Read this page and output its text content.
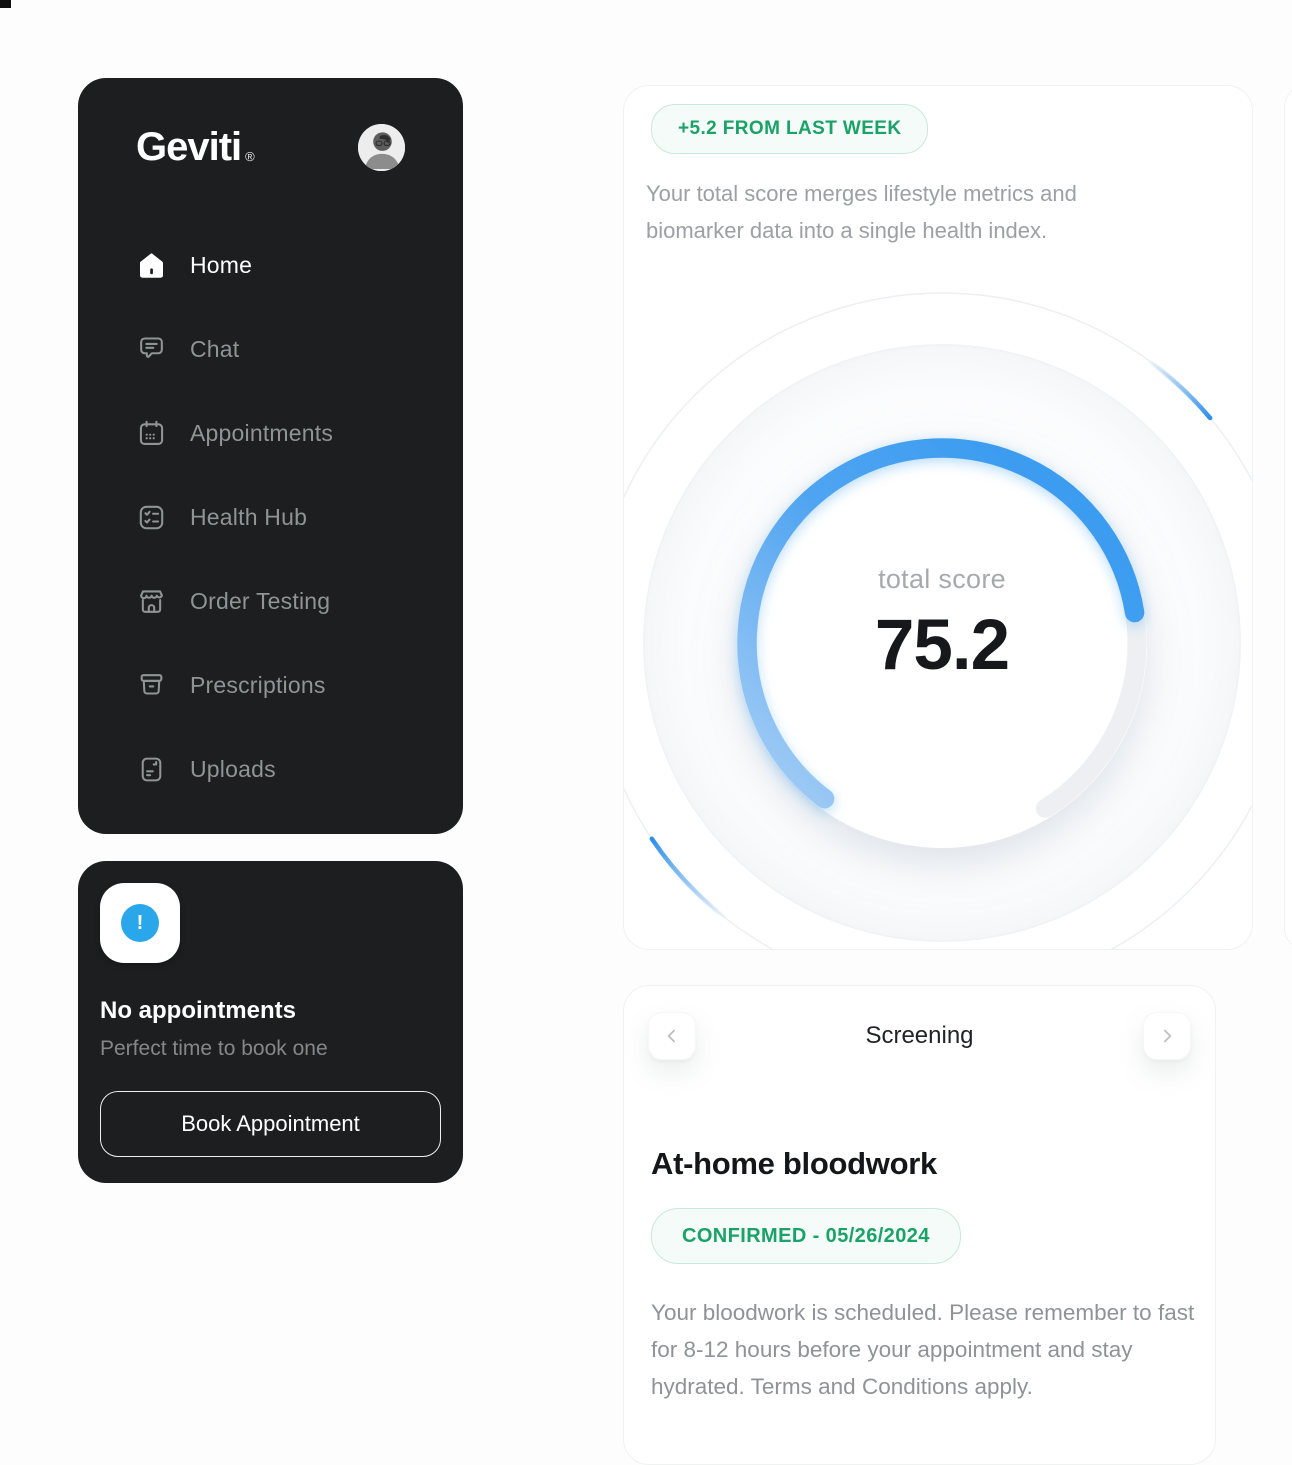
Geviti ®
Home
Chat
Appointments
Health Hub
Order Testing
Prescriptions
Uploads
!
No appointments
Perfect time to book one
Book Appointment
+5.2 FROM LAST WEEK
Your total score merges lifestyle metrics and biomarker data into a single health index.
total score
75.2
Screening
At-home bloodwork
CONFIRMED - 05/26/2024
Your bloodwork is scheduled. Please remember to fast for 8-12 hours before your appointment and stay hydrated. Terms and Conditions apply.
